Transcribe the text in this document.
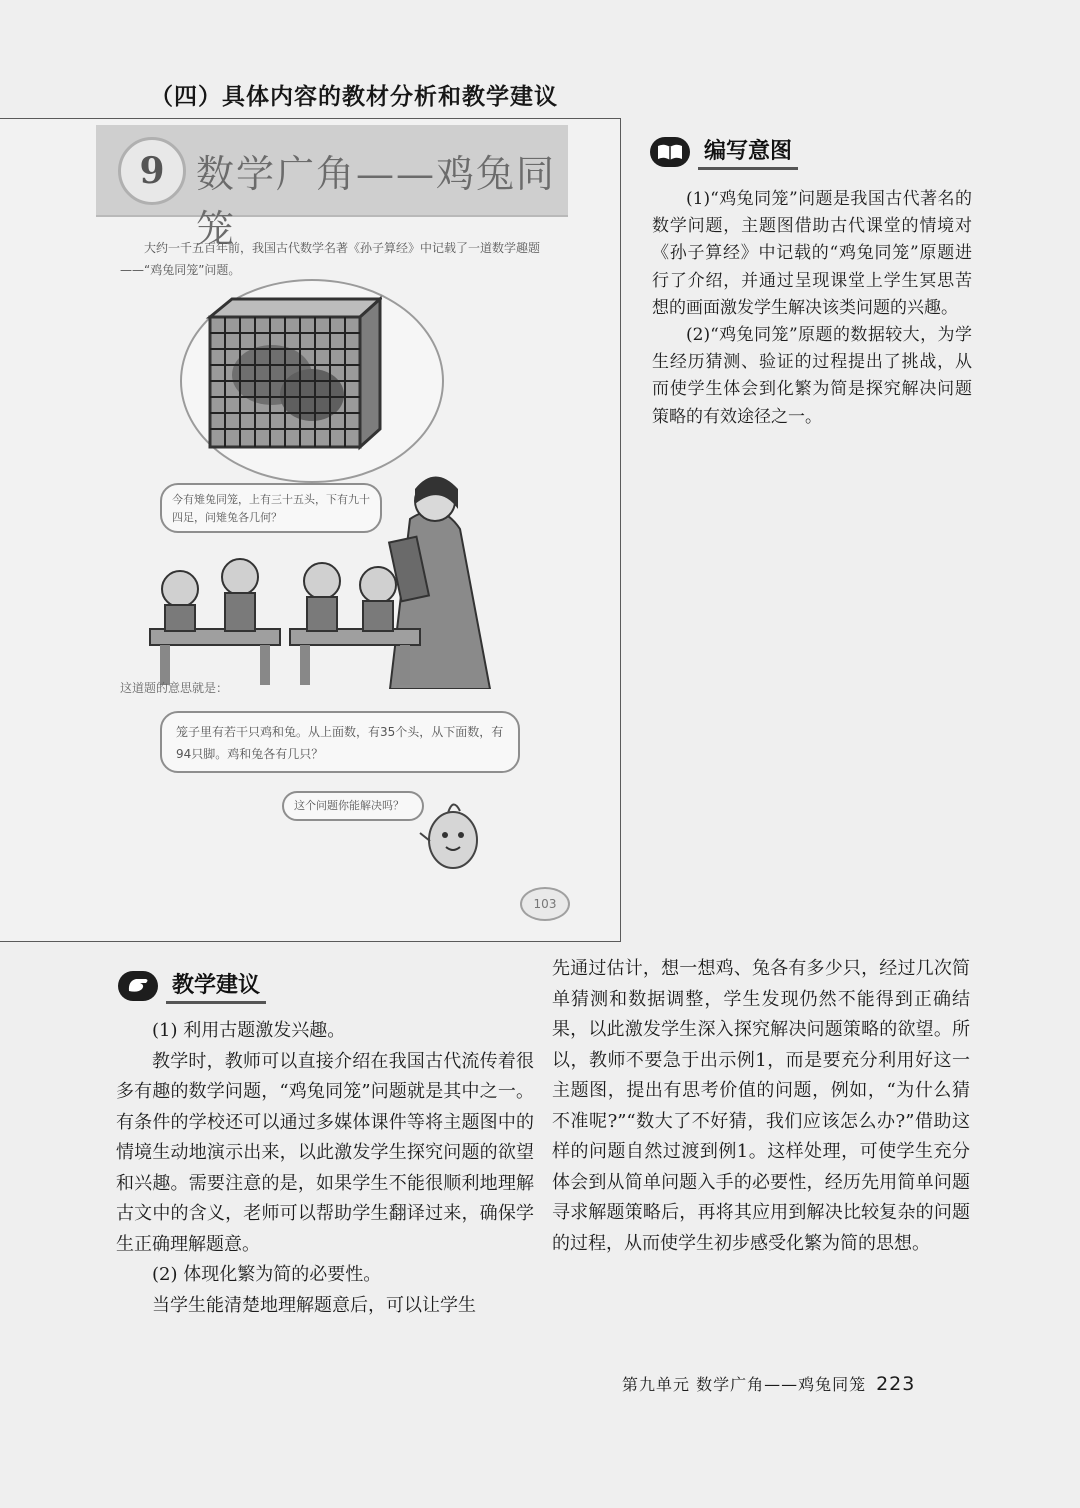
（四）具体内容的教材分析和教学建议
9 数学广角——鸡兔同笼
大约一千五百年前，我国古代数学名著《孙子算经》中记载了一道数学趣题——“鸡兔同笼”问题。
今有雉兔同笼，上有三十五头，下有九十四足，问雉兔各几何？
这道题的意思就是：
笼子里有若干只鸡和兔。从上面数，有35个头，从下面数，有94只脚。鸡和兔各有几只？
这个问题你能解决吗？
103
编写意图

(1)“鸡兔同笼”问题是我国古代著名的数学问题，主题图借助古代课堂的情境对《孙子算经》中记载的“鸡兔同笼”原题进行了介绍，并通过呈现课堂上学生冥思苦想的画面激发学生解决该类问题的兴趣。

(2)“鸡兔同笼”原题的数据较大，为学生经历猜测、验证的过程提出了挑战，从而使学生体会到化繁为简是探究解决问题策略的有效途径之一。

教学建议

(1) 利用古题激发兴趣。

教学时，教师可以直接介绍在我国古代流传着很多有趣的数学问题，“鸡兔同笼”问题就是其中之一。有条件的学校还可以通过多媒体课件等将主题图中的情境生动地演示出来，以此激发学生探究问题的欲望和兴趣。需要注意的是，如果学生不能很顺利地理解古文中的含义，老师可以帮助学生翻译过来，确保学生正确理解题意。

(2) 体现化繁为简的必要性。

当学生能清楚地理解题意后，可以让学生

先通过估计，想一想鸡、兔各有多少只，经过几次简单猜测和数据调整，学生发现仍然不能得到正确结果，以此激发学生深入探究解决问题策略的欲望。所以，教师不要急于出示例1，而是要充分利用好这一主题图，提出有思考价值的问题，例如，“为什么猜不准呢?”“数大了不好猜，我们应该怎么办?”借助这样的问题自然过渡到例1。这样处理，可使学生充分体会到从简单问题入手的必要性，经历先用简单问题寻求解题策略后，再将其应用到解决比较复杂的问题的过程，从而使学生初步感受化繁为简的思想。

第九单元 数学广角——鸡兔同笼 223
